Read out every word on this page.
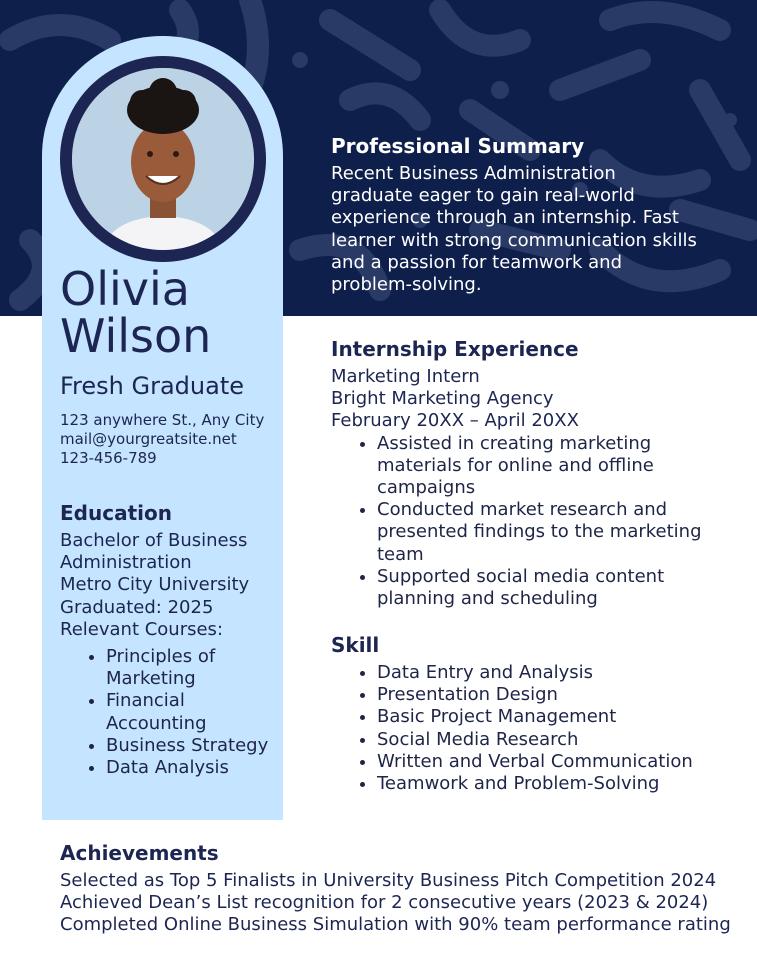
Olivia
Wilson
Fresh Graduate
123 anywhere St., Any City
mail@yourgreatsite.net
123-456-789
Education
Bachelor of Business Administration
Metro City University
Graduated: 2025
Relevant Courses:
• Principles of Marketing
• Financial Accounting
• Business Strategy
• Data Analysis
Professional Summary
Recent Business Administration
graduate eager to gain real-world
experience through an internship. Fast
learner with strong communication skills
and a passion for teamwork and
problem-solving.
Internship Experience
Marketing Intern
Bright Marketing Agency
February 20XX – April 20XX
• Assisted in creating marketing materials for online and offline campaigns
• Conducted market research and presented findings to the marketing team
• Supported social media content planning and scheduling
Skill
• Data Entry and Analysis
• Presentation Design
• Basic Project Management
• Social Media Research
• Written and Verbal Communication
• Teamwork and Problem-Solving
Achievements
Selected as Top 5 Finalists in University Business Pitch Competition 2024
Achieved Dean’s List recognition for 2 consecutive years (2023 & 2024)
Completed Online Business Simulation with 90% team performance rating
